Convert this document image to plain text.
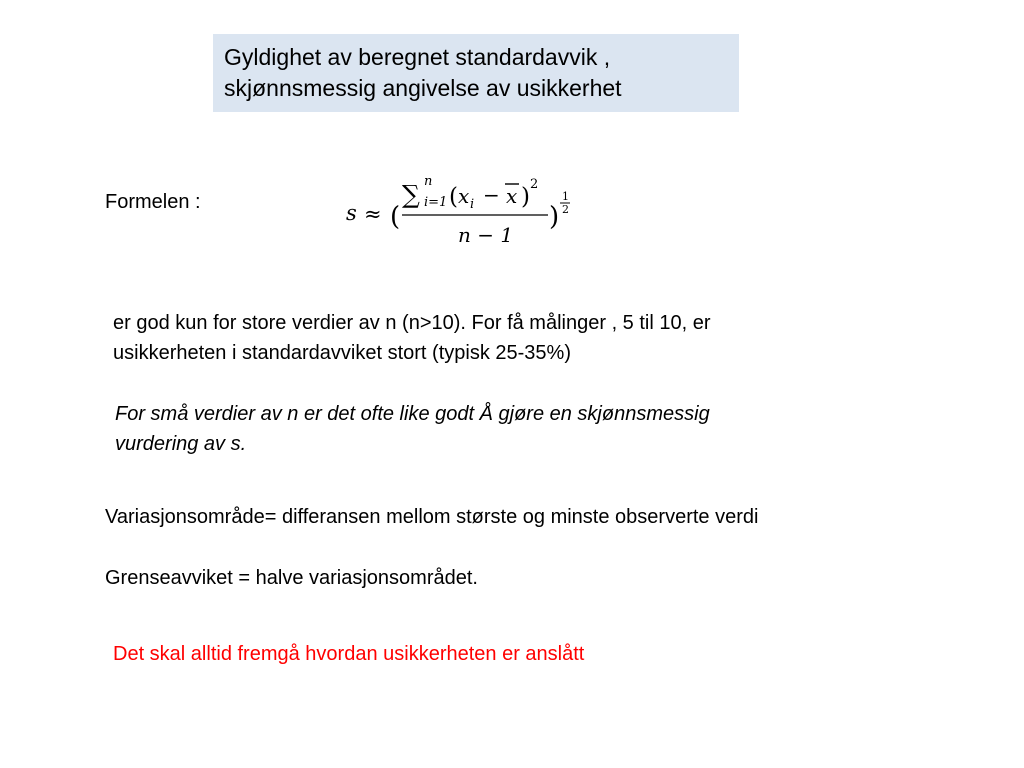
Gyldighet av beregnet standardavvik ,
skjønnsmessig angivelse av usikkerhet
Formelen :	s ≈ (
∑ n
i=1 ( x i − x ) 2
n − 1
)
1
2
er god kun for store verdier av n (n>10). For få målinger , 5 til 10, er
usikkerheten i standardavviket stort (typisk 25-35%)
For små verdier av n er det ofte like godt Å gjøre en skjønnsmessig
vurdering av s.
Variasjonsområde= differansen mellom største og minste observerte verdi
Grenseavviket = halve variasjonsområdet.
Det skal alltid fremgå hvordan usikkerheten er anslått
